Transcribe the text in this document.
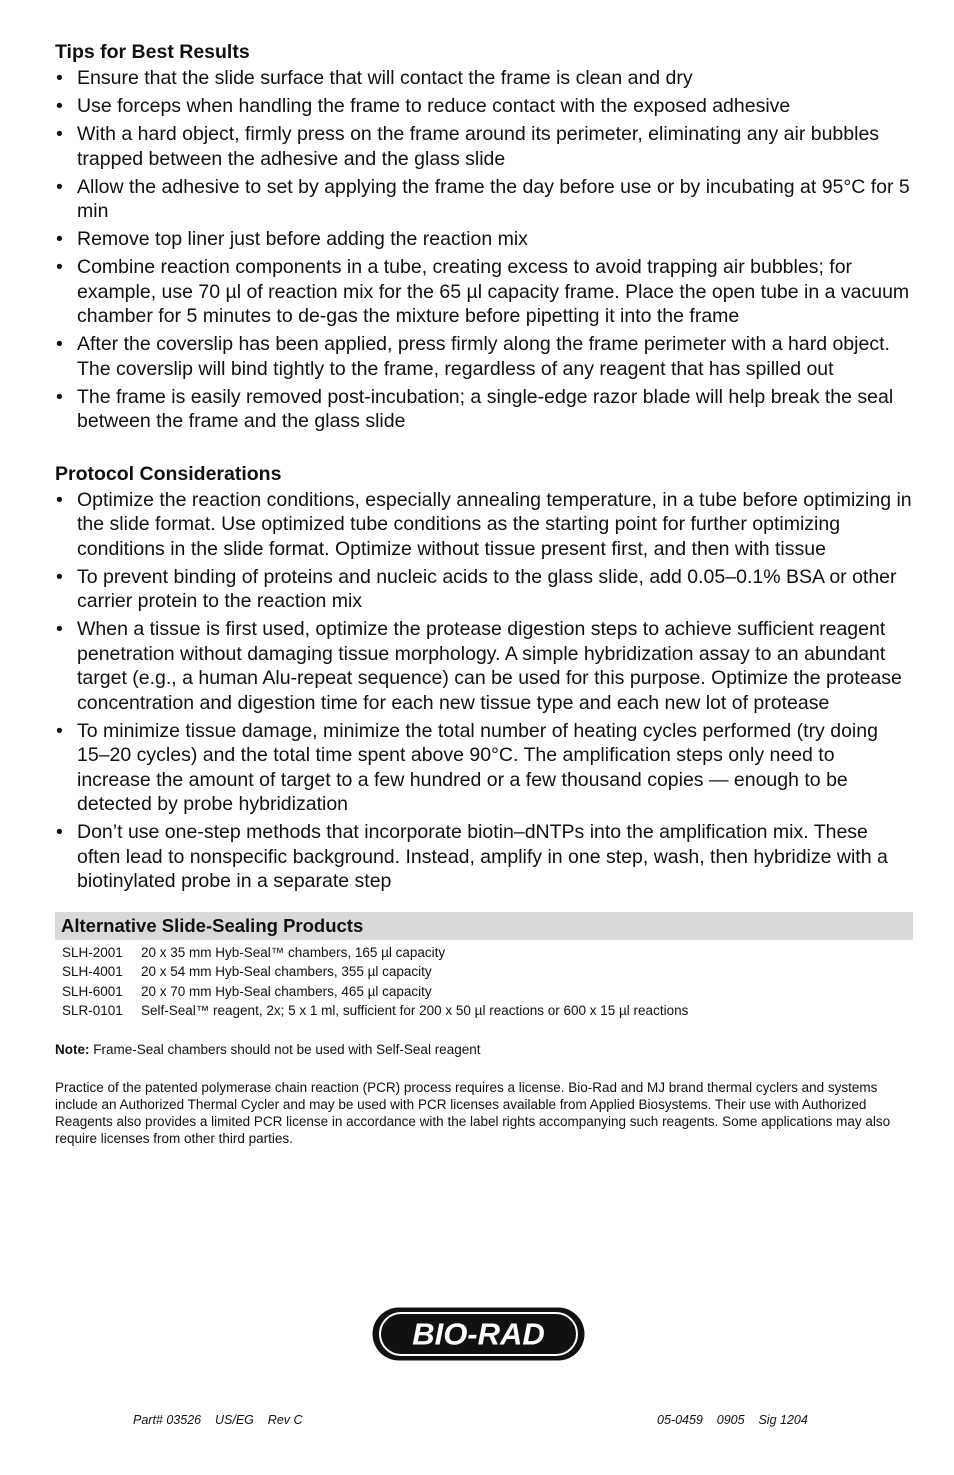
Tips for Best Results
• Ensure that the slide surface that will contact the frame is clean and dry
• Use forceps when handling the frame to reduce contact with the exposed adhesive
• With a hard object, firmly press on the frame around its perimeter, eliminating any air bubbles trapped between the adhesive and the glass slide
• Allow the adhesive to set by applying the frame the day before use or by incubating at 95°C for 5 min
• Remove top liner just before adding the reaction mix
• Combine reaction components in a tube, creating excess to avoid trapping air bubbles; for example, use 70 µl of reaction mix for the 65 µl capacity frame. Place the open tube in a vacuum chamber for 5 minutes to de-gas the mixture before pipetting it into the frame
• After the coverslip has been applied, press firmly along the frame perimeter with a hard object. The coverslip will bind tightly to the frame, regardless of any reagent that has spilled out
• The frame is easily removed post-incubation; a single-edge razor blade will help break the seal between the frame and the glass slide
Protocol Considerations
• Optimize the reaction conditions, especially annealing temperature, in a tube before optimizing in the slide format. Use optimized tube conditions as the starting point for further optimizing conditions in the slide format. Optimize without tissue present first, and then with tissue
• To prevent binding of proteins and nucleic acids to the glass slide, add 0.05–0.1% BSA or other carrier protein to the reaction mix
• When a tissue is first used, optimize the protease digestion steps to achieve sufficient reagent penetration without damaging tissue morphology. A simple hybridization assay to an abundant target (e.g., a human Alu-repeat sequence) can be used for this purpose. Optimize the protease concentration and digestion time for each new tissue type and each new lot of protease
• To minimize tissue damage, minimize the total number of heating cycles performed (try doing 15–20 cycles) and the total time spent above 90°C. The amplification steps only need to increase the amount of target to a few hundred or a few thousand copies — enough to be detected by probe hybridization
• Don’t use one-step methods that incorporate biotin–dNTPs into the amplification mix. These often lead to nonspecific background. Instead, amplify in one step, wash, then hybridize with a biotinylated probe in a separate step
Alternative Slide-Sealing Products
SLH-2001	20 x 35 mm Hyb-Seal™ chambers, 165 µl capacity
SLH-4001	20 x 54 mm Hyb-Seal chambers, 355 µl capacity
SLH-6001	20 x 70 mm Hyb-Seal chambers, 465 µl capacity
SLR-0101	Self-Seal™ reagent, 2x; 5 x 1 ml, sufficient for 200 x 50 µl reactions or 600 x 15 µl reactions

Note: Frame-Seal chambers should not be used with Self-Seal reagent

Practice of the patented polymerase chain reaction (PCR) process requires a license. Bio-Rad and MJ brand thermal cyclers and systems include an Authorized Thermal Cycler and may be used with PCR licenses available from Applied Biosystems. Their use with Authorized Reagents also provides a limited PCR license in accordance with the label rights accompanying such reagents. Some applications may also require licenses from other third parties.

BIO-RAD
Part# 03526    US/EG    Rev C	05-0459    0905    Sig 1204
